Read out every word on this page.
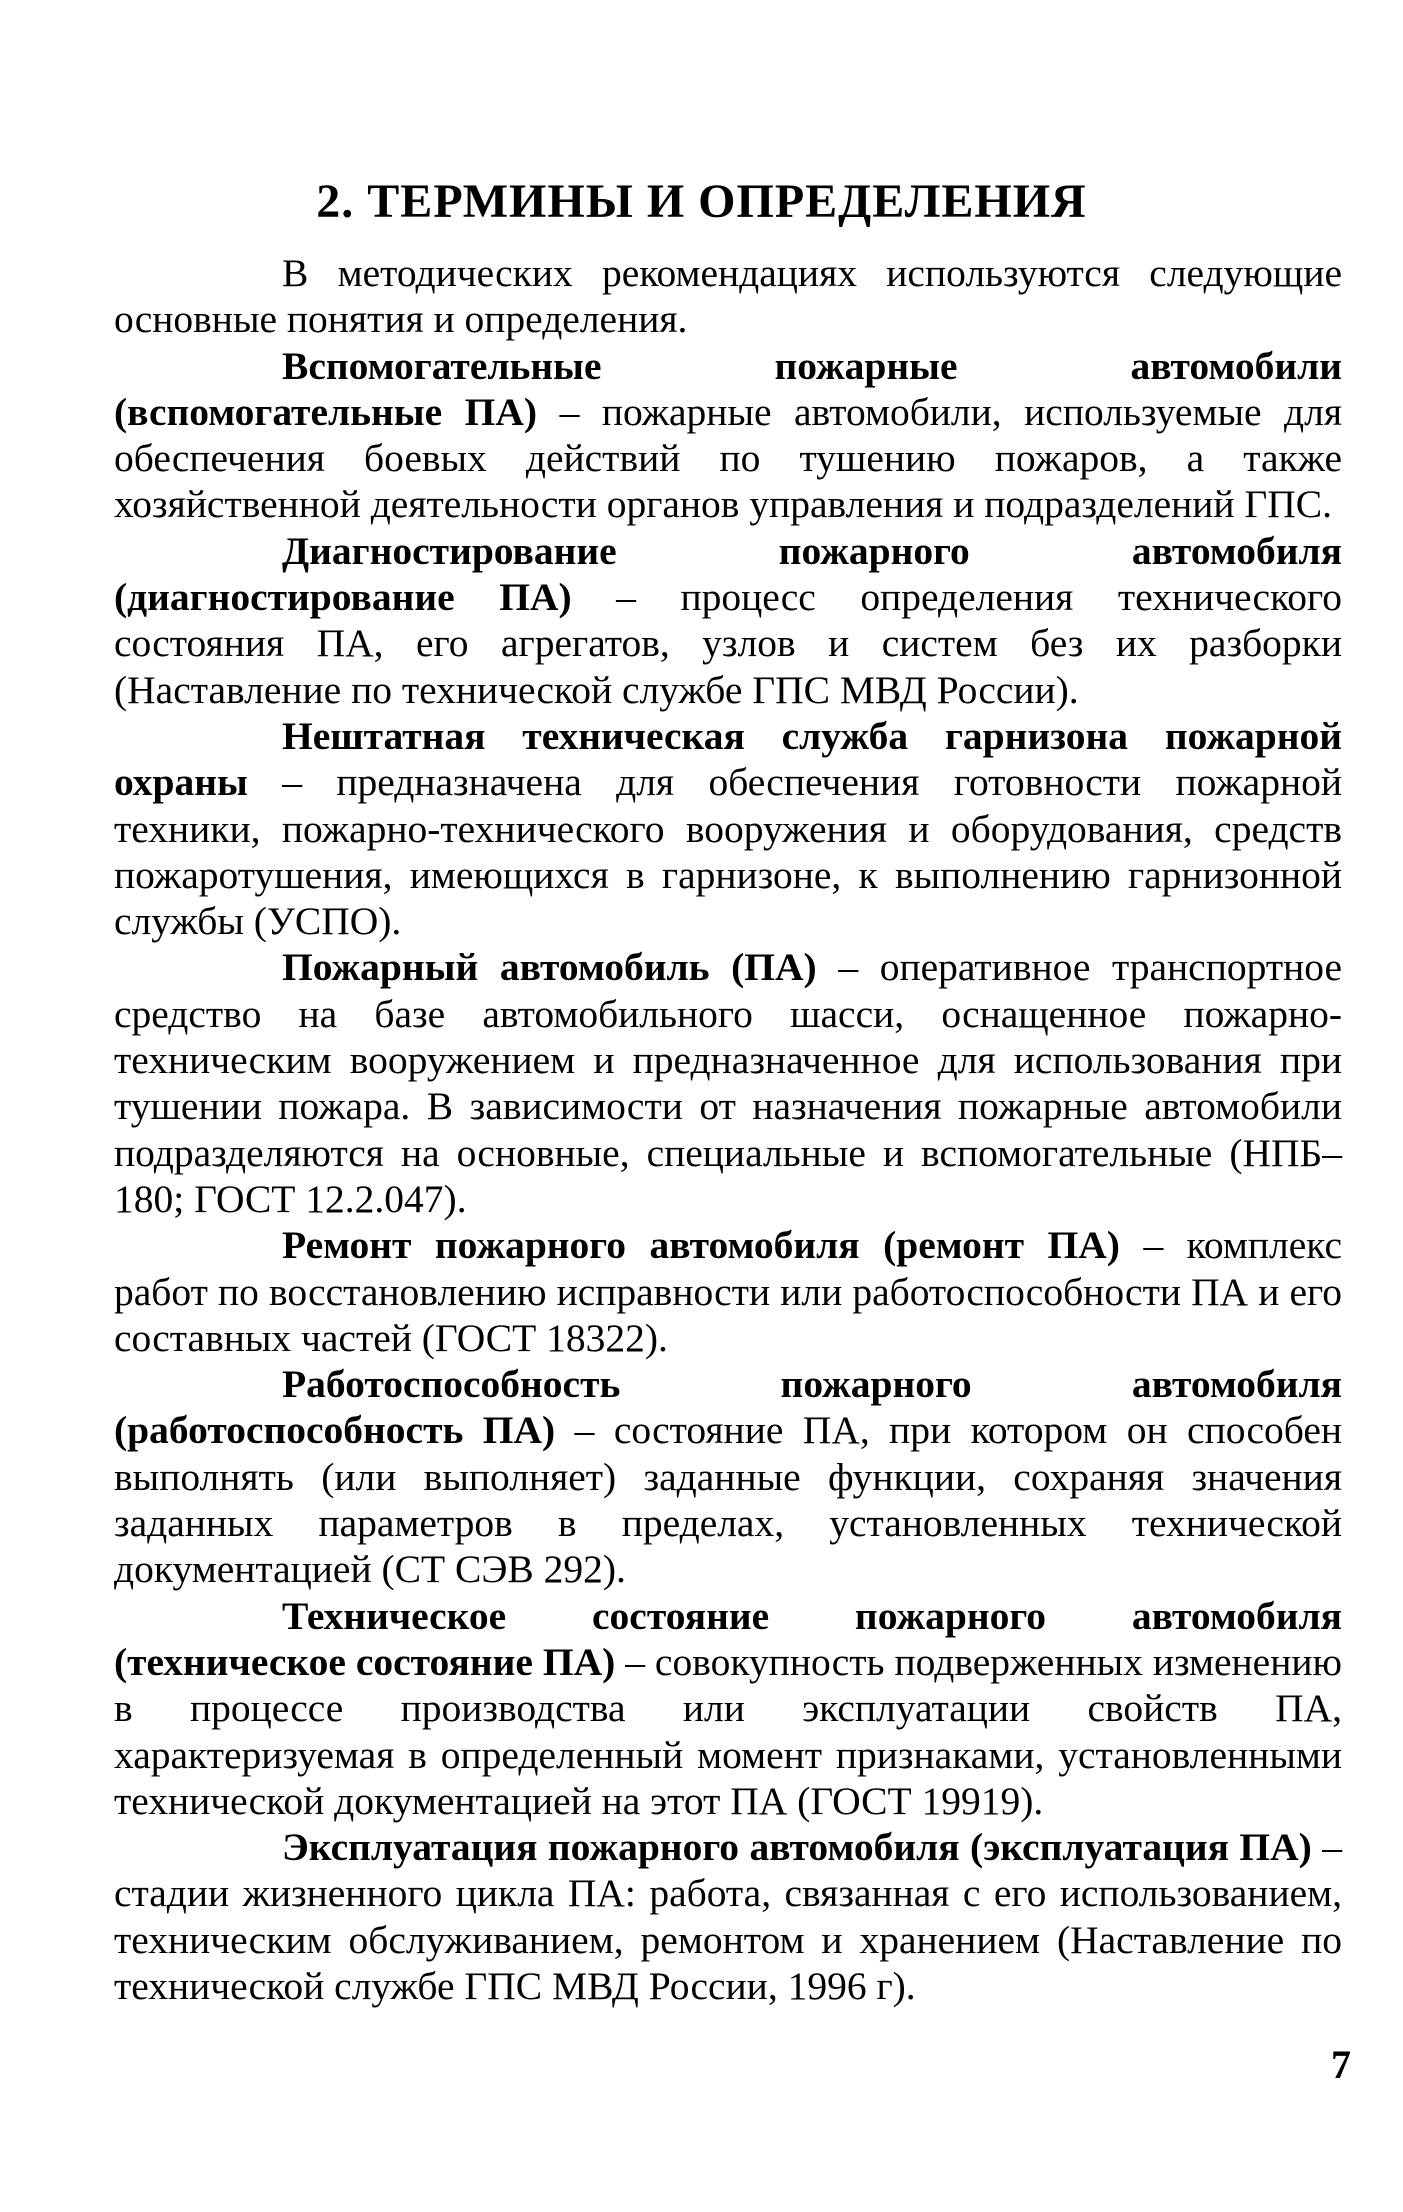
2. ТЕРМИНЫ И ОПРЕДЕЛЕНИЯ

В методических рекомендациях используются следующие основные понятия и определения.

Вспомогательные пожарные автомобили (вспомогательные ПА) – пожарные автомобили, используемые для обеспечения боевых действий по тушению пожаров, а также хозяйственной деятельности органов управления и подразделений ГПС.

Диагностирование пожарного автомобиля (диагностирование ПА) – процесс определения технического состояния ПА, его агрегатов, узлов и систем без их разборки (Наставление по технической службе ГПС МВД России).

Нештатная техническая служба гарнизона пожарной охраны – предназначена для обеспечения готовности пожарной техники, пожарно-технического вооружения и оборудования, средств пожаротушения, имеющихся в гарнизоне, к выполнению гарнизонной службы (УСПО).

Пожарный автомобиль (ПА) – оперативное транспортное средство на базе автомобильного шасси, оснащенное пожарно-техническим вооружением и предназначенное для использования при тушении пожара. В зависимости от назначения пожарные автомобили подразделяются на основные, специальные и вспомогательные (НПБ–180; ГОСТ 12.2.047).

Ремонт пожарного автомобиля (ремонт ПА) – комплекс работ по восстановлению исправности или работоспособности ПА и его составных частей (ГОСТ 18322).

Работоспособность пожарного автомобиля (работоспособность ПА) – состояние ПА, при котором он способен выполнять (или выполняет) заданные функции, сохраняя значения заданных параметров в пределах, установленных технической документацией (СТ СЭВ 292).

Техническое состояние пожарного автомобиля (техническое состояние ПА) – совокупность подверженных изменению в процессе производства или эксплуатации свойств ПА, характеризуемая в определенный момент признаками, установленными технической документацией на этот ПА (ГОСТ 19919).

Эксплуатация пожарного автомобиля (эксплуатация ПА) – стадии жизненного цикла ПА: работа, связанная с его использованием, техническим обслуживанием, ремонтом и хранением (Наставление по технической службе ГПС МВД России, 1996 г).

7
